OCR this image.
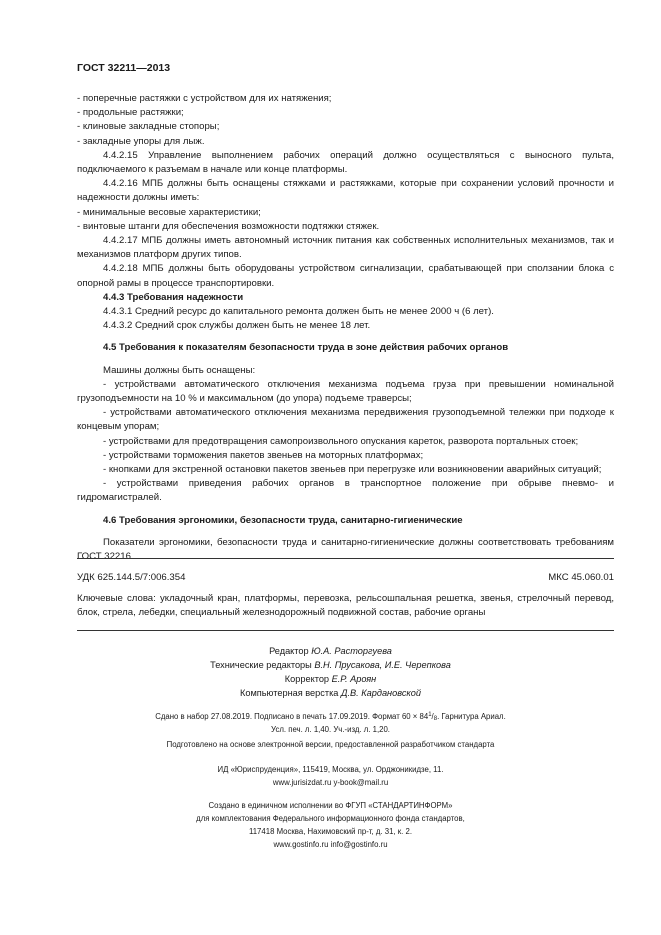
ГОСТ 32211—2013

- поперечные растяжки с устройством для их натяжения;

- продольные растяжки;

- клиновые закладные стопоры;

- закладные упоры для лыж.

4.4.2.15 Управление выполнением рабочих операций должно осуществляться с выносного пульта, подключаемого к разъемам в начале или конце платформы.

4.4.2.16 МПБ должны быть оснащены стяжками и растяжками, которые при сохранении условий прочности и надежности должны иметь:

- минимальные весовые характеристики;

- винтовые штанги для обеспечения возможности подтяжки стяжек.

4.4.2.17 МПБ должны иметь автономный источник питания как собственных исполнительных механизмов, так и механизмов платформ других типов.

4.4.2.18 МПБ должны быть оборудованы устройством сигнализации, срабатывающей при сползании блока с опорной рамы в процессе транспортировки.

4.4.3 Требования надежности

4.4.3.1 Средний ресурс до капитального ремонта должен быть не менее 2000 ч (6 лет).

4.4.3.2 Средний срок службы должен быть не менее 18 лет.

4.5 Требования к показателям безопасности труда в зоне действия рабочих органов

Машины должны быть оснащены:

- устройствами автоматического отключения механизма подъема груза при превышении номинальной грузоподъемности на 10 % и максимальном (до упора) подъеме траверсы;

- устройствами автоматического отключения механизма передвижения грузоподъемной тележки при подходе к концевым упорам;

- устройствами для предотвращения самопроизвольного опускания кареток, разворота портальных стоек;

- устройствами торможения пакетов звеньев на моторных платформах;

- кнопками для экстренной остановки пакетов звеньев при перегрузке или возникновении аварийных ситуаций;

- устройствами приведения рабочих органов в транспортное положение при обрыве пневмо- и гидромагистралей.

4.6 Требования эргономики, безопасности труда, санитарно-гигиенические

Показатели эргономики, безопасности труда и санитарно-гигиенические должны соответствовать требованиям ГОСТ 32216.

УДК 625.144.5/7:006.354	МКС 45.060.01
Ключевые слова: укладочный кран, платформы, перевозка, рельсошпальная решетка, звенья, стрелочный перевод, блок, стрела, лебедки, специальный железнодорожный подвижной состав, рабочие органы
Редактор Ю.А. Расторгуева
Технические редакторы В.Н. Прусакова, И.Е. Черепкова
Корректор Е.Р. Ароян
Компьютерная верстка Д.В. Кардановской
Сдано в набор 27.08.2019. Подписано в печать 17.09.2019. Формат $60 \times 84^1/_8$. Гарнитура Ариал.
Усл. печ. л. 1,40. Уч.-изд. л. 1,20.
Подготовлено на основе электронной версии, предоставленной разработчиком стандарта
ИД «Юриспруденция», 115419, Москва, ул. Орджоникидзе, 11.
www.jurisizdat.ru y-book@mail.ru
Создано в единичном исполнении во ФГУП «СТАНДАРТИНФОРМ»
для комплектования Федерального информационного фонда стандартов,
117418 Москва, Нахимовский пр-т, д. 31, к. 2.
www.gostinfo.ru info@gostinfo.ru
